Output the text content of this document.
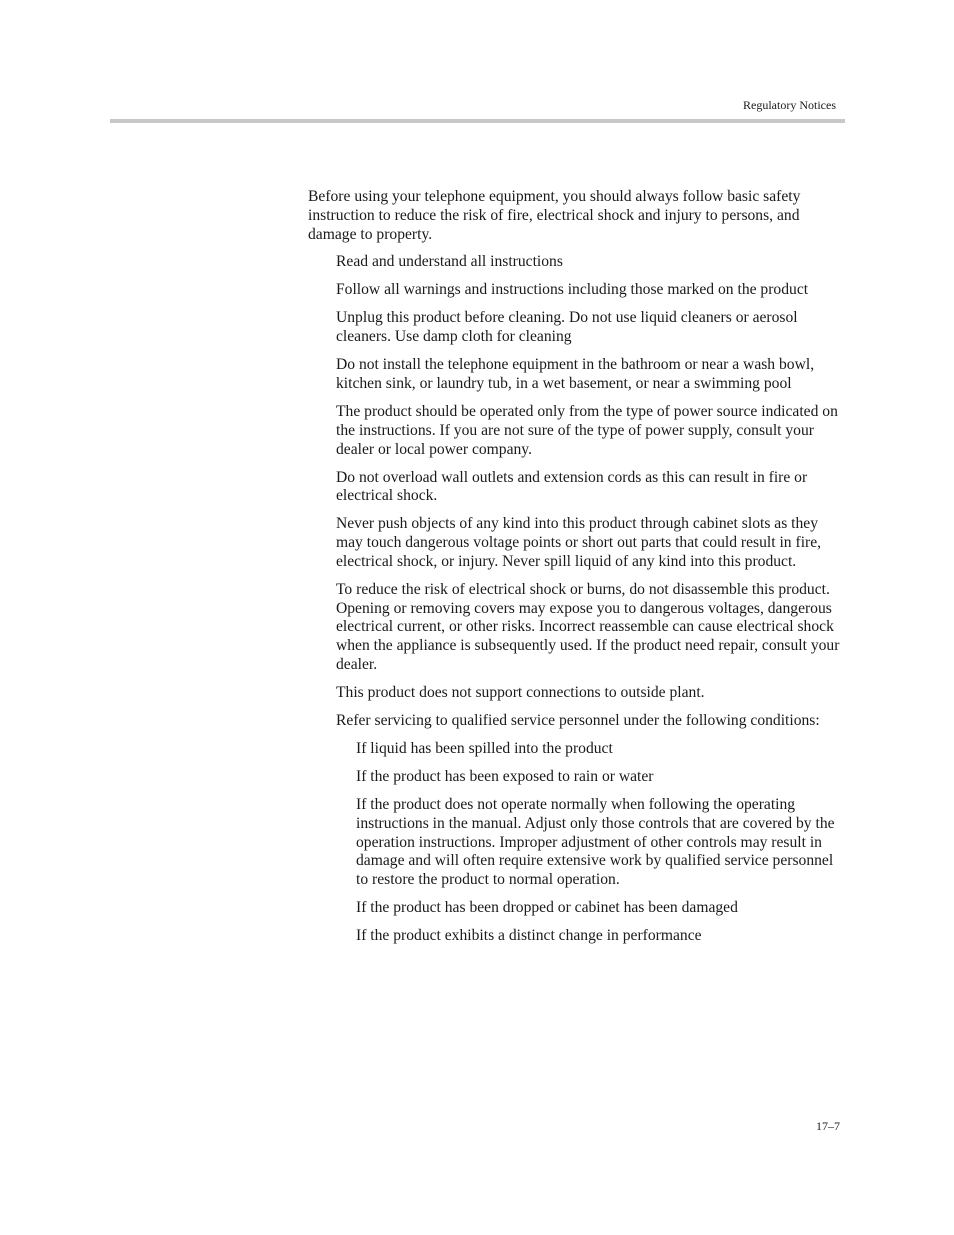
Regulatory Notices

Before using your telephone equipment, you should always follow basic safety instruction to reduce the risk of fire, electrical shock and injury to persons, and damage to property.

Read and understand all instructions
Follow all warnings and instructions including those marked on the product
Unplug this product before cleaning. Do not use liquid cleaners or aerosol cleaners. Use damp cloth for cleaning
Do not install the telephone equipment in the bathroom or near a wash bowl, kitchen sink, or laundry tub, in a wet basement, or near a swimming pool
The product should be operated only from the type of power source indicated on the instructions. If you are not sure of the type of power supply, consult your dealer or local power company.
Do not overload wall outlets and extension cords as this can result in fire or electrical shock.
Never push objects of any kind into this product through cabinet slots as they may touch dangerous voltage points or short out parts that could result in fire, electrical shock, or injury. Never spill liquid of any kind into this product.
To reduce the risk of electrical shock or burns, do not disassemble this product. Opening or removing covers may expose you to dangerous voltages, dangerous electrical current, or other risks. Incorrect reassemble can cause electrical shock when the appliance is subsequently used. If the product need repair, consult your dealer.
This product does not support connections to outside plant.
Refer servicing to qualified service personnel under the following conditions:
If liquid has been spilled into the product
If the product has been exposed to rain or water
If the product does not operate normally when following the operating instructions in the manual. Adjust only those controls that are covered by the operation instructions. Improper adjustment of other controls may result in damage and will often require extensive work by qualified service personnel to restore the product to normal operation.
If the product has been dropped or cabinet has been damaged
If the product exhibits a distinct change in performance
17–7
